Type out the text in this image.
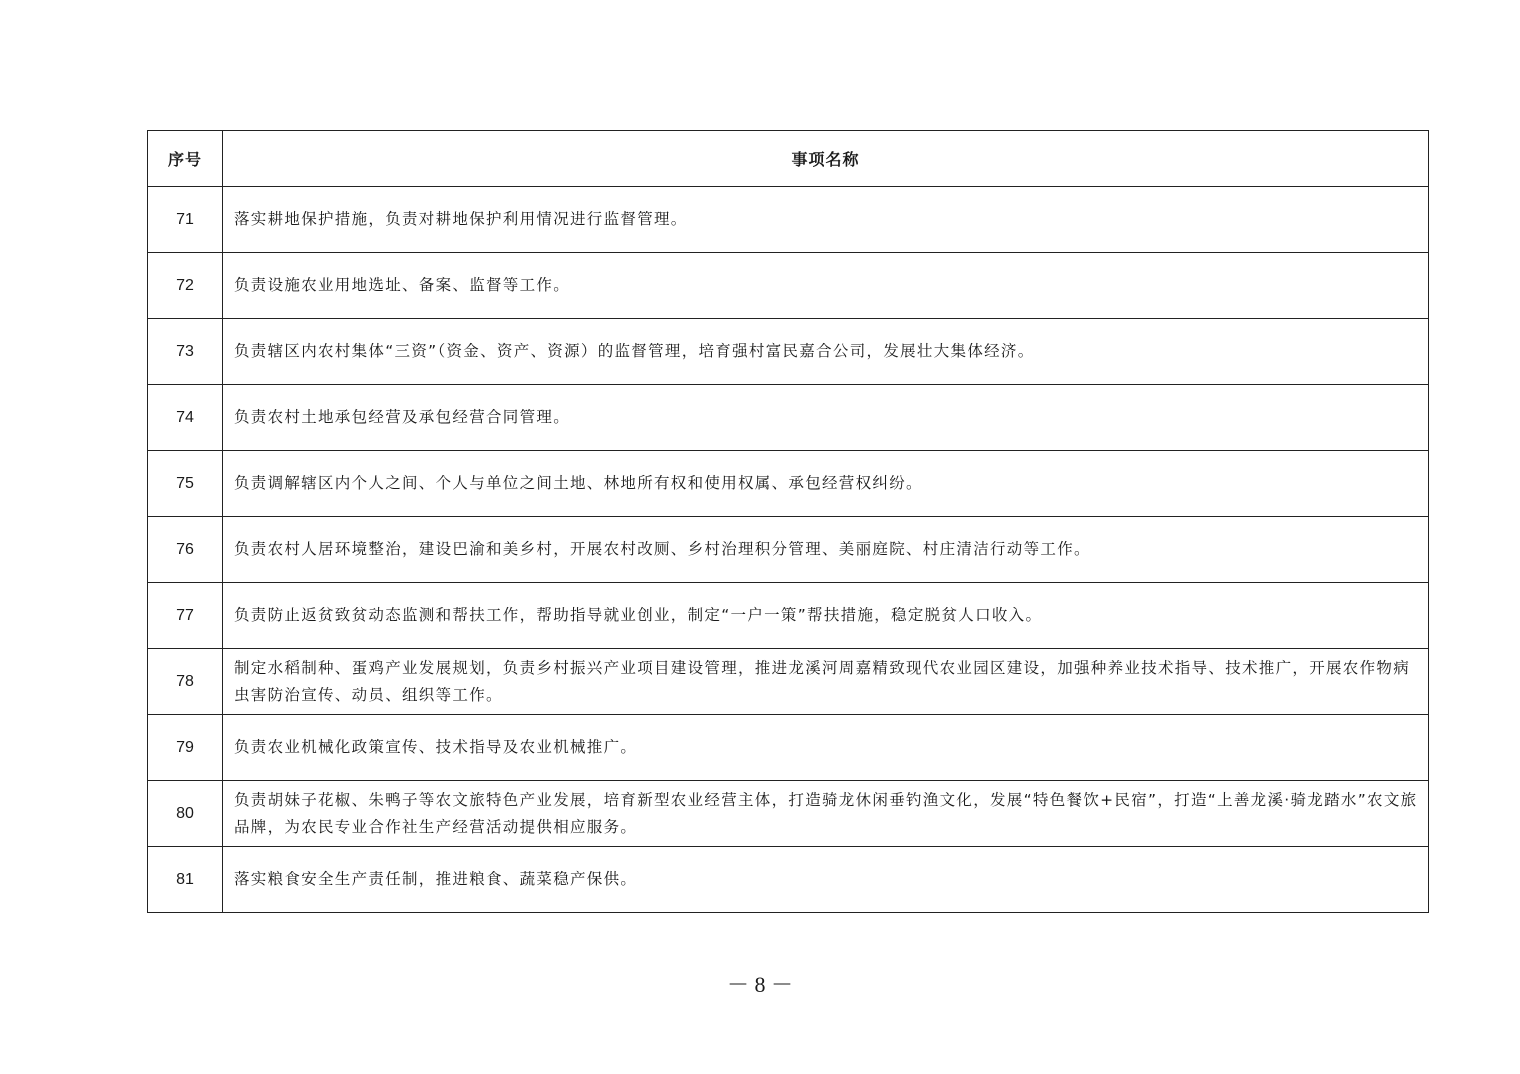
序号	事项名称
71	落实耕地保护措施，负责对耕地保护利用情况进行监督管理。
72	负责设施农业用地选址、备案、监督等工作。
73	负责辖区内农村集体“三资”（资金、资产、资源）的监督管理，培育强村富民嘉合公司，发展壮大集体经济。
74	负责农村土地承包经营及承包经营合同管理。
75	负责调解辖区内个人之间、个人与单位之间土地、林地所有权和使用权属、承包经营权纠纷。
76	负责农村人居环境整治，建设巴渝和美乡村，开展农村改厕、乡村治理积分管理、美丽庭院、村庄清洁行动等工作。
77	负责防止返贫致贫动态监测和帮扶工作，帮助指导就业创业，制定“一户一策”帮扶措施，稳定脱贫人口收入。
78	制定水稻制种、蛋鸡产业发展规划，负责乡村振兴产业项目建设管理，推进龙溪河周嘉精致现代农业园区建设，加强种养业技术指导、技术推广，开展农作物病虫害防治宣传、动员、组织等工作。
79	负责农业机械化政策宣传、技术指导及农业机械推广。
80	负责胡妹子花椒、朱鸭子等农文旅特色产业发展，培育新型农业经营主体，打造骑龙休闲垂钓渔文化，发展“特色餐饮+民宿”，打造“上善龙溪·骑龙踏水”农文旅品牌，为农民专业合作社生产经营活动提供相应服务。
81	落实粮食安全生产责任制，推进粮食、蔬菜稳产保供。
－ 8 －
